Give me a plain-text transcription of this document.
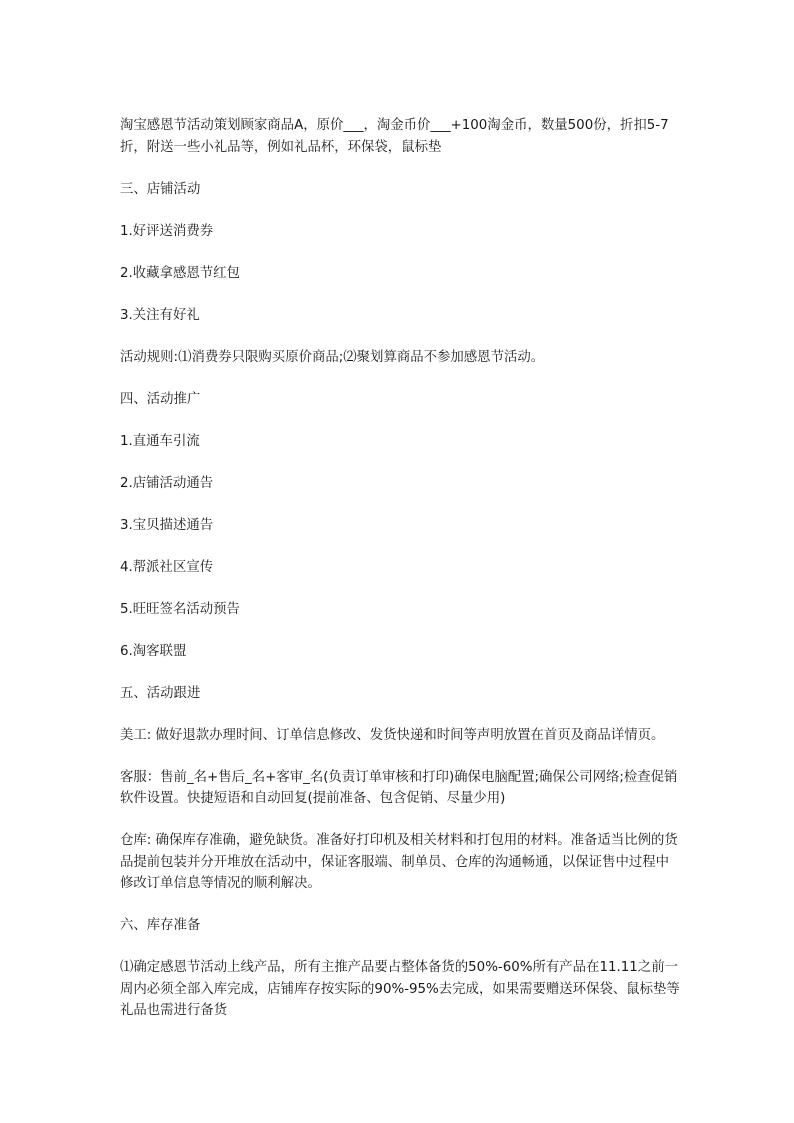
淘宝感恩节活动策划顾家商品A，原价___，淘金币价___+100淘金币，数量500份，折扣5-7折，附送一些小礼品等，例如礼品杯，环保袋，鼠标垫

三、店铺活动

1.好评送消费券

2.收藏拿感恩节红包

3.关注有好礼

活动规则:⑴消费券只限购买原价商品;⑵聚划算商品不参加感恩节活动。

四、活动推广

1.直通车引流

2.店铺活动通告

3.宝贝描述通告

4.帮派社区宣传

5.旺旺签名活动预告

6.淘客联盟

五、活动跟进

美工: 做好退款办理时间、订单信息修改、发货快递和时间等声明放置在首页及商品详情页。

客服：售前_名+售后_名+客审_名(负责订单审核和打印)确保电脑配置;确保公司网络;检查促销软件设置。快捷短语和自动回复(提前准备、包含促销、尽量少用)

仓库: 确保库存准确，避免缺货。准备好打印机及相关材料和打包用的材料。准备适当比例的货品提前包装并分开堆放在活动中，保证客服端、制单员、仓库的沟通畅通，以保证售中过程中修改订单信息等情况的顺利解决。

六、库存准备

⑴确定感恩节活动上线产品，所有主推产品要占整体备货的50%-60%所有产品在11.11之前一周内必须全部入库完成，店铺库存按实际的90%-95%去完成，如果需要赠送环保袋、鼠标垫等礼品也需进行备货
